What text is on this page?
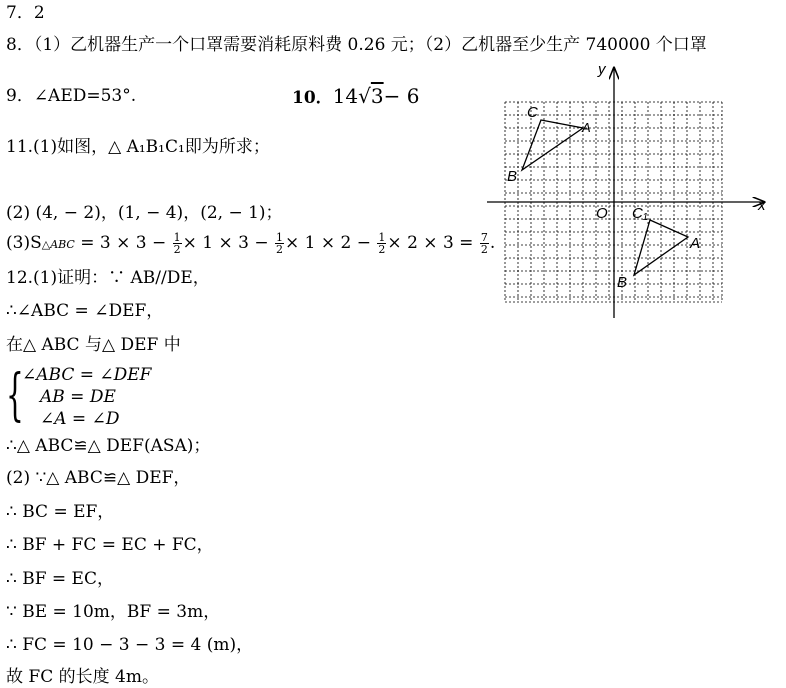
7．2
8．（1）乙机器生产一个口罩需要消耗原料费 0.26 元；（2）乙机器至少生产 740000 个口罩
9．∠AED=53°.	10．14√3− 6
11.(1)如图，△ A₁B₁C₁即为所求；
(2) (4, − 2)，(1, − 4)，(2, − 1)；
(3)S△ABC = $3 \times 3 - \frac{1}{2} \times 1 \times 3 - \frac{1}{2} \times 1 \times 2 - \frac{1}{2} \times 2 \times 3 = \frac{7}{2}$ .
12.(1)证明：∵ AB//DE，
∴∠ABC = ∠DEF，
在△ ABC 与△ DEF 中
{
∠ABC = ∠DEF
AB = DE
∠A = ∠D
∴△ ABC≌△ DEF(ASA)；
(2) ∵△ ABC≌△ DEF，
∴ BC = EF，
∴ BF + FC = EC + FC，
∴ BF = EC，
∵ BE = 10m，BF = 3m，
∴ FC = 10 − 3 − 3 = 4 (m)，
故 FC 的长度 4m。
x
y
O
C
A
B
C₁
A
B
